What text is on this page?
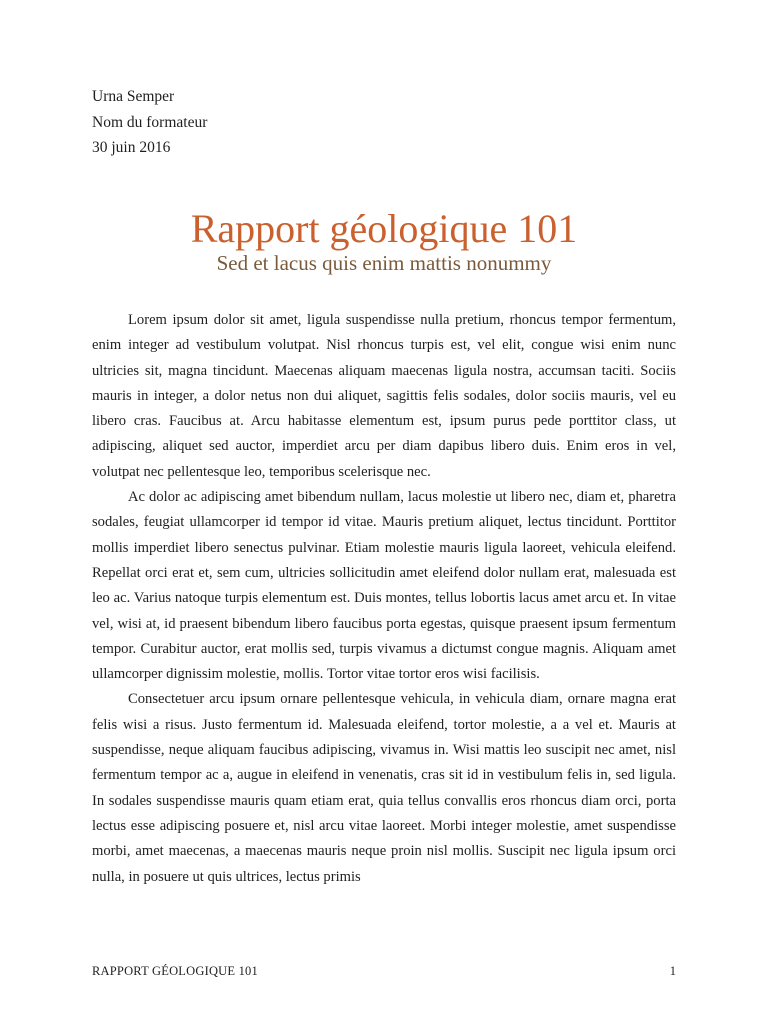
Urna Semper
Nom du formateur
30 juin 2016
Rapport géologique 101
Sed et lacus quis enim mattis nonummy

Lorem ipsum dolor sit amet, ligula suspendisse nulla pretium, rhoncus tempor fermentum, enim integer ad vestibulum volutpat. Nisl rhoncus turpis est, vel elit, congue wisi enim nunc ultricies sit, magna tincidunt. Maecenas aliquam maecenas ligula nostra, accumsan taciti. Sociis mauris in integer, a dolor netus non dui aliquet, sagittis felis sodales, dolor sociis mauris, vel eu libero cras. Faucibus at. Arcu habitasse elementum est, ipsum purus pede porttitor class, ut adipiscing, aliquet sed auctor, imperdiet arcu per diam dapibus libero duis. Enim eros in vel, volutpat nec pellentesque leo, temporibus scelerisque nec.

Ac dolor ac adipiscing amet bibendum nullam, lacus molestie ut libero nec, diam et, pharetra sodales, feugiat ullamcorper id tempor id vitae. Mauris pretium aliquet, lectus tincidunt. Porttitor mollis imperdiet libero senectus pulvinar. Etiam molestie mauris ligula laoreet, vehicula eleifend. Repellat orci erat et, sem cum, ultricies sollicitudin amet eleifend dolor nullam erat, malesuada est leo ac. Varius natoque turpis elementum est. Duis montes, tellus lobortis lacus amet arcu et. In vitae vel, wisi at, id praesent bibendum libero faucibus porta egestas, quisque praesent ipsum fermentum tempor. Curabitur auctor, erat mollis sed, turpis vivamus a dictumst congue magnis. Aliquam amet ullamcorper dignissim molestie, mollis. Tortor vitae tortor eros wisi facilisis.

Consectetuer arcu ipsum ornare pellentesque vehicula, in vehicula diam, ornare magna erat felis wisi a risus. Justo fermentum id. Malesuada eleifend, tortor molestie, a a vel et. Mauris at suspendisse, neque aliquam faucibus adipiscing, vivamus in. Wisi mattis leo suscipit nec amet, nisl fermentum tempor ac a, augue in eleifend in venenatis, cras sit id in vestibulum felis in, sed ligula. In sodales suspendisse mauris quam etiam erat, quia tellus convallis eros rhoncus diam orci, porta lectus esse adipiscing posuere et, nisl arcu vitae laoreet. Morbi integer molestie, amet suspendisse morbi, amet maecenas, a maecenas mauris neque proin nisl mollis. Suscipit nec ligula ipsum orci nulla, in posuere ut quis ultrices, lectus primis

RAPPORT GÉOLOGIQUE 101	1
